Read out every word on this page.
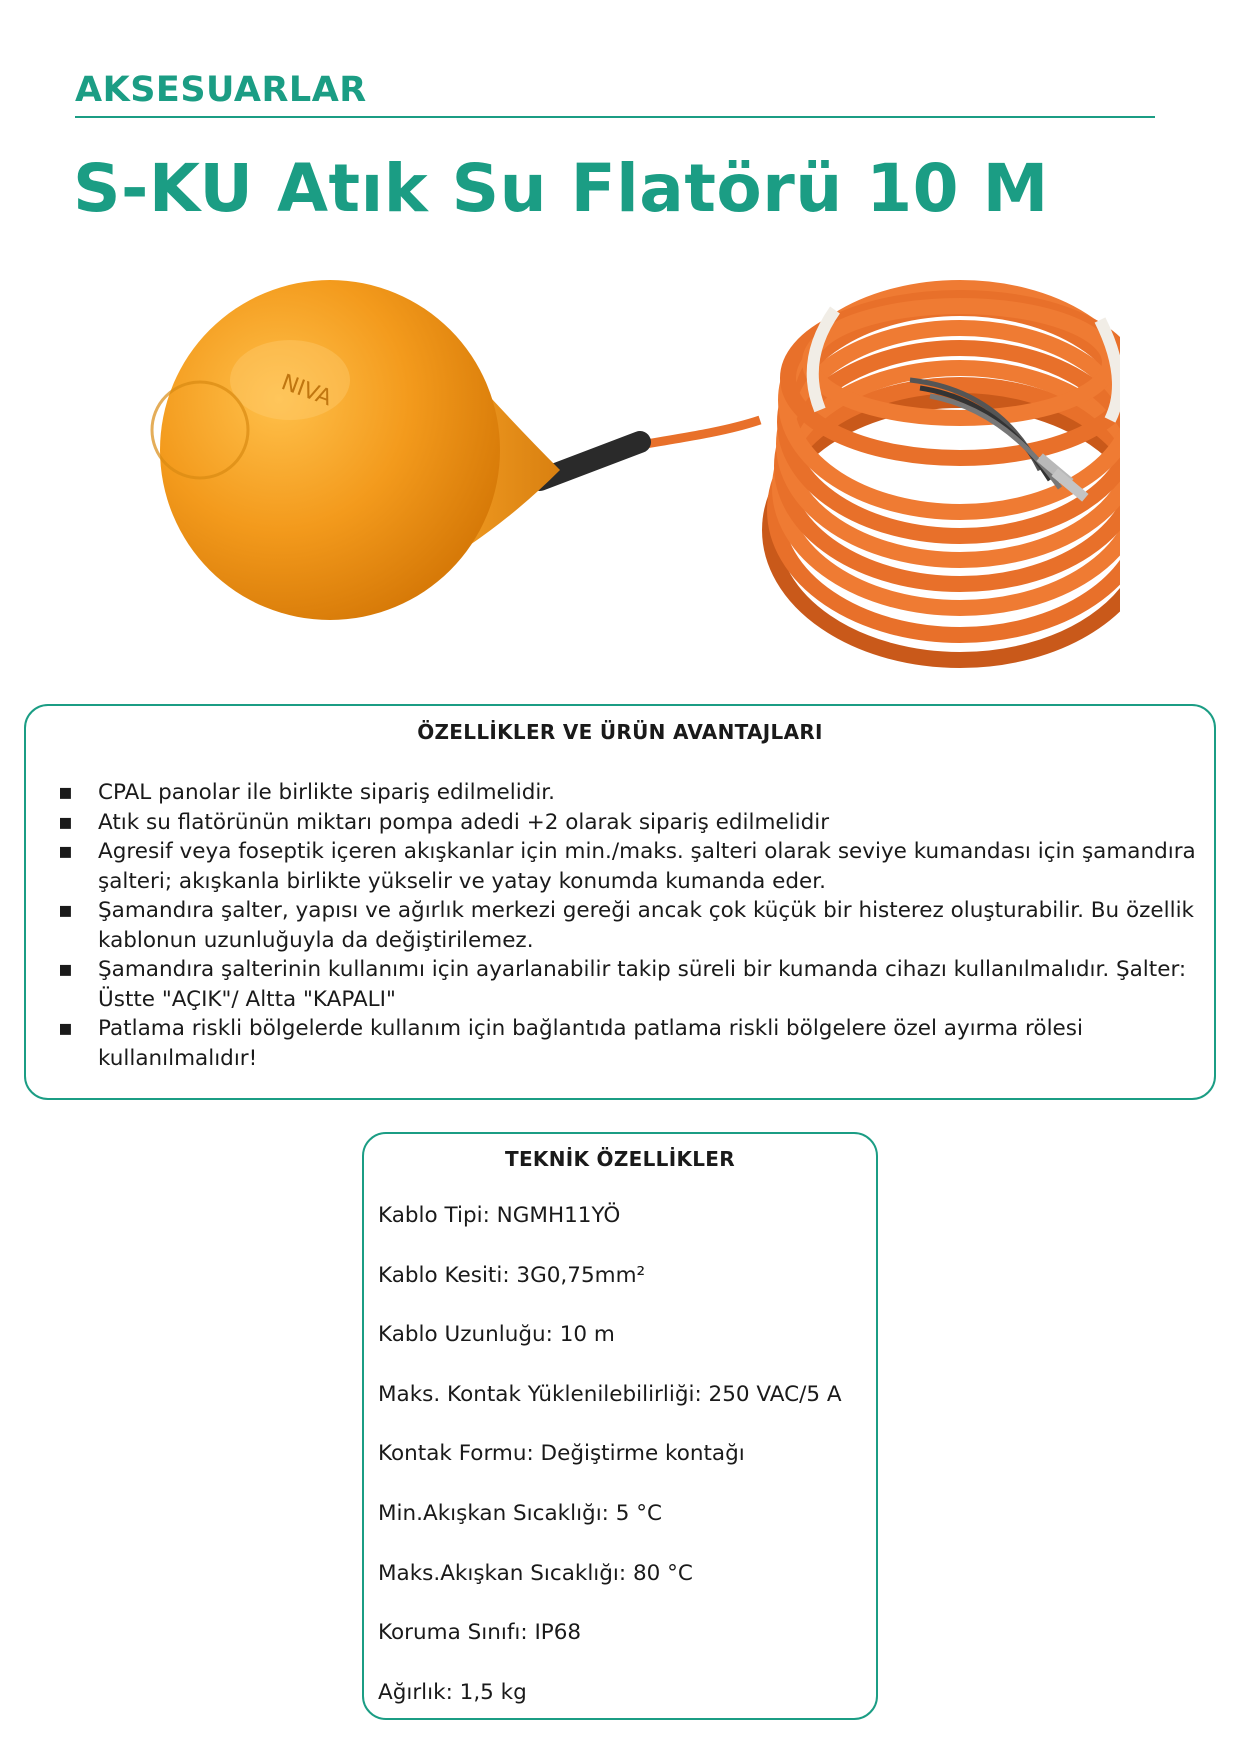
AKSESUARLAR
S-KU Atık Su Flatörü 10 M
NIVA
ÖZELLİKLER VE ÜRÜN AVANTAJLARI
▪ CPAL panolar ile birlikte sipariş edilmelidir.
▪ Atık su flatörünün miktarı pompa adedi +2 olarak sipariş edilmelidir
▪ Agresif veya foseptik içeren akışkanlar için min./maks. şalteri olarak seviye kumandası için şamandıra şalteri; akışkanla birlikte yükselir ve yatay konumda kumanda eder.
▪ Şamandıra şalter, yapısı ve ağırlık merkezi gereği ancak çok küçük bir histerez oluşturabilir. Bu özellik kablonun uzunluğuyla da değiştirilemez.
▪ Şamandıra şalterinin kullanımı için ayarlanabilir takip süreli bir kumanda cihazı kullanılmalıdır. Şalter: Üstte "AÇIK"/ Altta "KAPALI"
▪ Patlama riskli bölgelerde kullanım için bağlantıda patlama riskli bölgelere özel ayırma rölesi kullanılmalıdır!
TEKNİK ÖZELLİKLER
Kablo Tipi: NGMH11YÖ
Kablo Kesiti: 3G0,75mm²
Kablo Uzunluğu: 10 m
Maks. Kontak Yüklenilebilirliği: 250 VAC/5 A
Kontak Formu: Değiştirme kontağı
Min.Akışkan Sıcaklığı: 5 °C
Maks.Akışkan Sıcaklığı: 80 °C
Koruma Sınıfı: IP68
Ağırlık: 1,5 kg
